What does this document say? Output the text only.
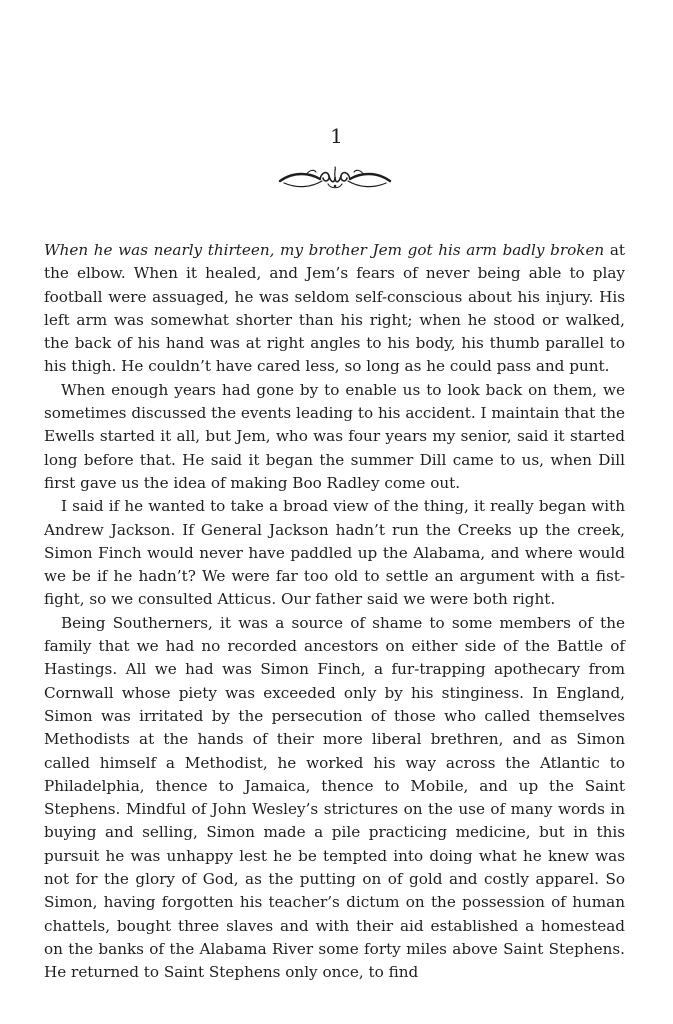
1

When he was nearly thirteen, my brother Jem got his arm badly broken at the elbow. When it healed, and Jem’s fears of never being able to play football were assuaged, he was seldom self-conscious about his injury. His left arm was somewhat shorter than his right; when he stood or walked, the back of his hand was at right angles to his body, his thumb parallel to his thigh. He couldn’t have cared less, so long as he could pass and punt.

When enough years had gone by to enable us to look back on them, we sometimes discussed the events leading to his accident. I maintain that the Ewells started it all, but Jem, who was four years my senior, said it started long before that. He said it began the summer Dill came to us, when Dill first gave us the idea of making Boo Radley come out.

I said if he wanted to take a broad view of the thing, it really began with Andrew Jackson. If General Jackson hadn’t run the Creeks up the creek, Simon Finch would never have paddled up the Alabama, and where would we be if he hadn’t? We were far too old to settle an argument with a fist-fight, so we consulted Atticus. Our father said we were both right.

Being Southerners, it was a source of shame to some members of the family that we had no recorded ancestors on either side of the Battle of Hastings. All we had was Simon Finch, a fur-trapping apothecary from Cornwall whose piety was exceeded only by his stinginess. In England, Simon was irritated by the persecution of those who called themselves Methodists at the hands of their more liberal brethren, and as Simon called himself a Methodist, he worked his way across the Atlantic to Philadelphia, thence to Jamaica, thence to Mobile, and up the Saint Stephens. Mindful of John Wesley’s strictures on the use of many words in buying and selling, Simon made a pile practicing medicine, but in this pursuit he was unhappy lest he be tempted into doing what he knew was not for the glory of God, as the putting on of gold and costly apparel. So Simon, having forgotten his teacher’s dictum on the possession of human chattels, bought three slaves and with their aid established a homestead on the banks of the Alabama River some forty miles above Saint Stephens. He returned to Saint Stephens only once, to find
